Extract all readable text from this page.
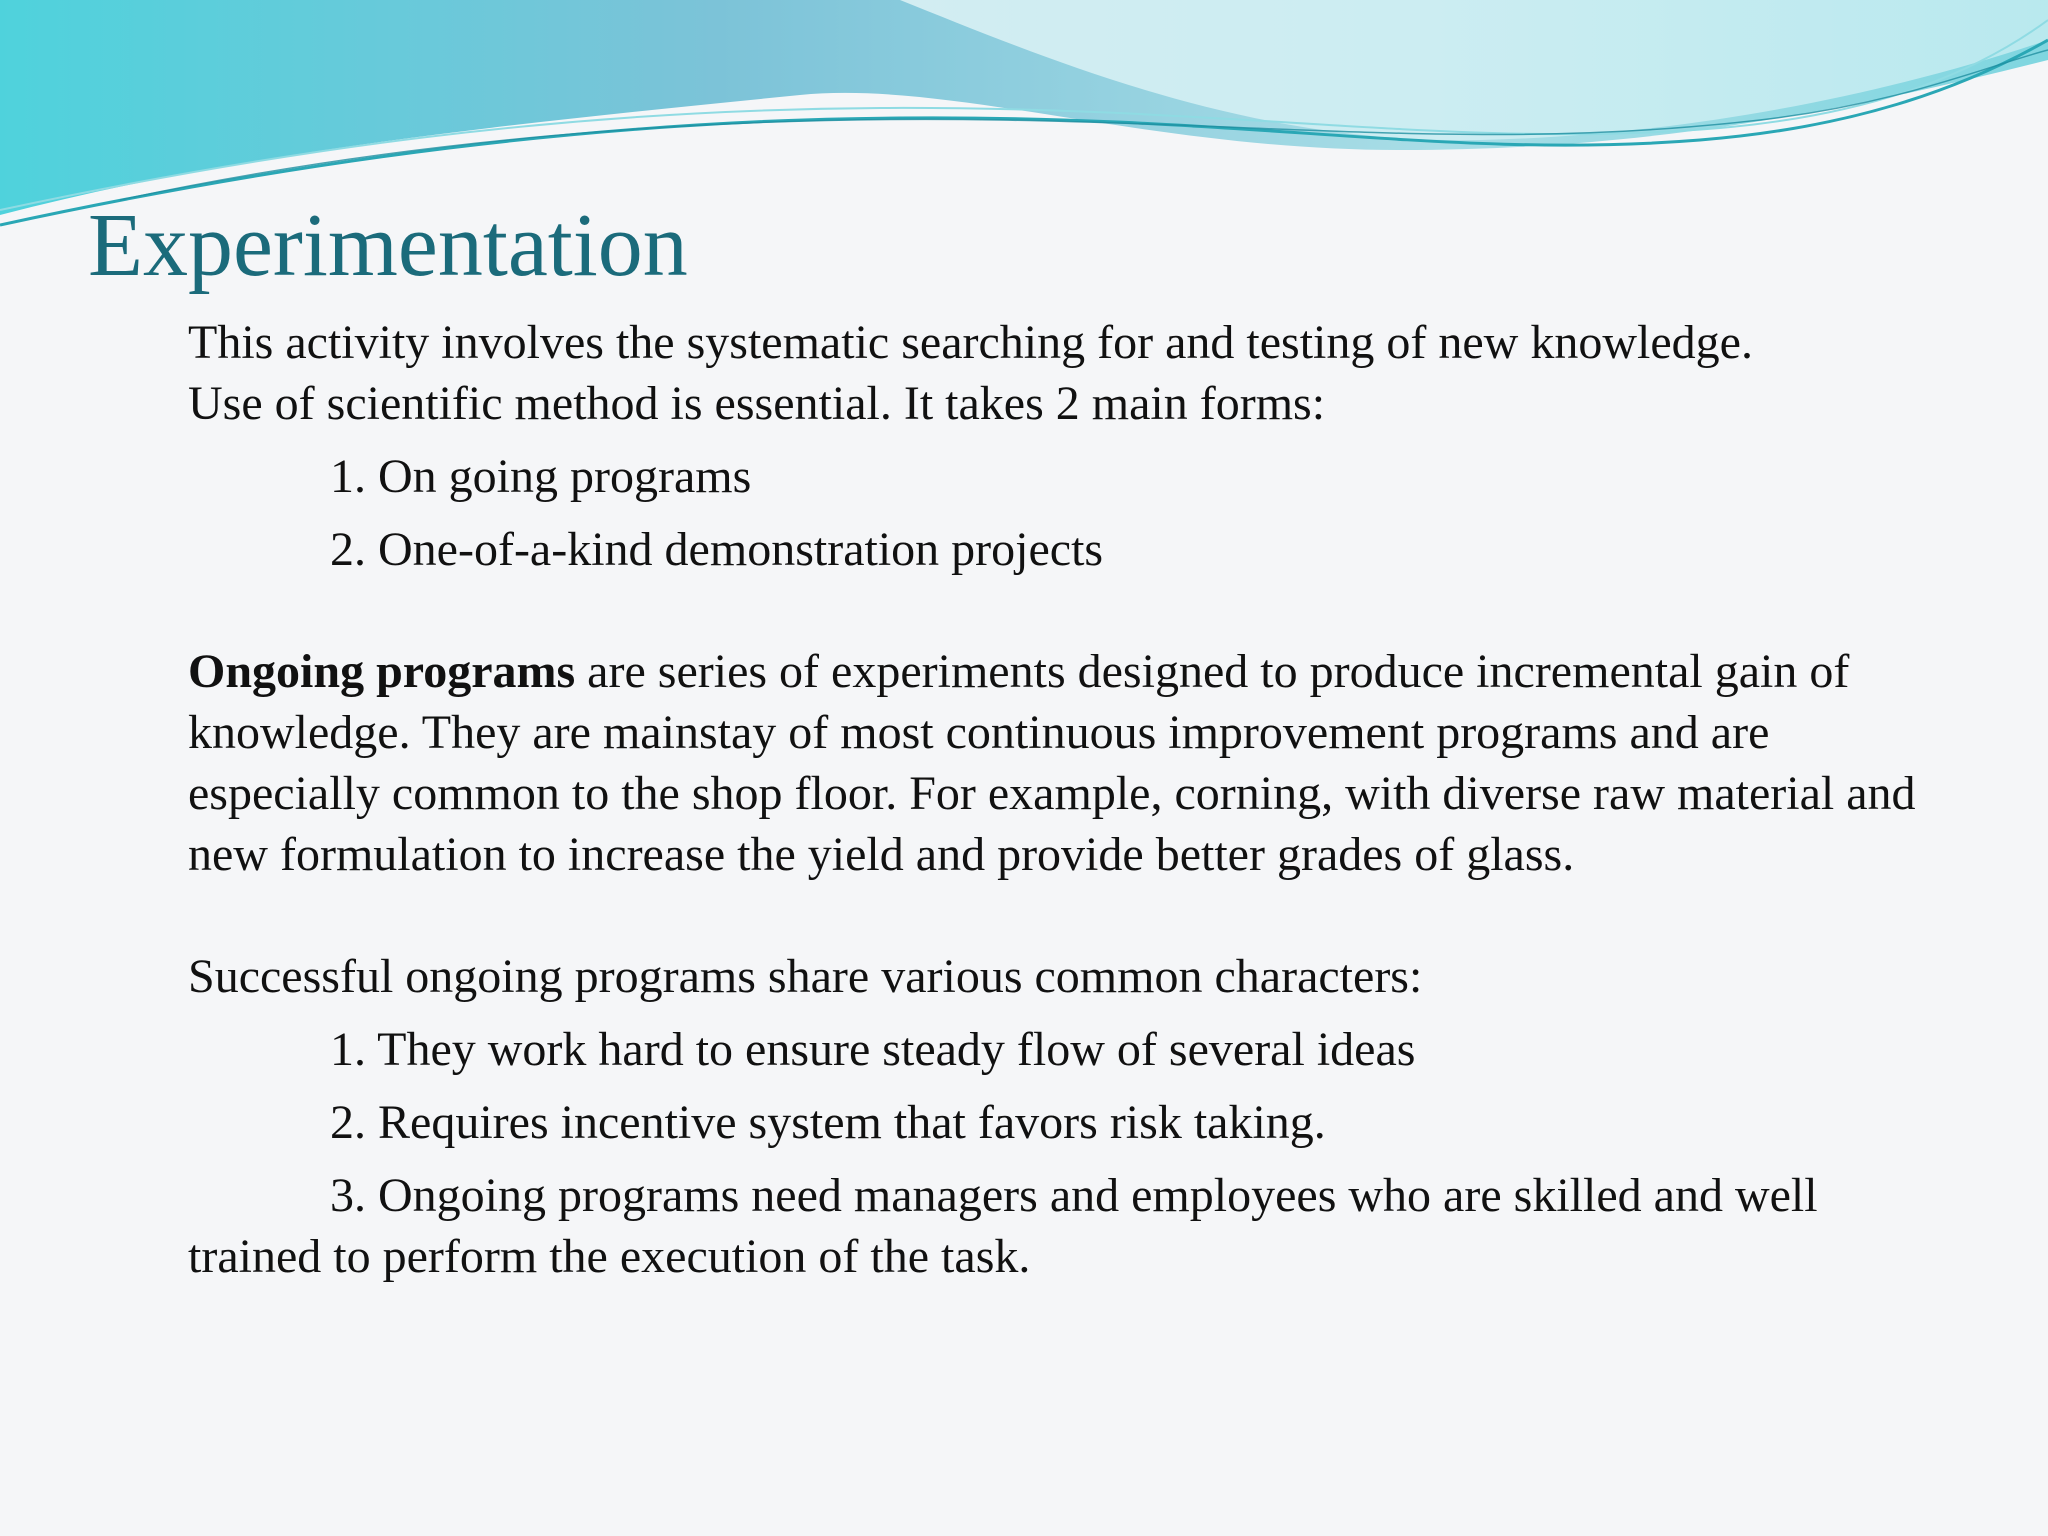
Experimentation

This activity involves the systematic searching for and testing of new knowledge.

Use of scientific method is essential. It takes 2 main forms:

1. On going programs

2. One-of-a-kind demonstration projects

Ongoing programs are series of experiments designed to produce incremental gain of knowledge. They are mainstay of most continuous improvement programs and are especially common to the shop floor. For example, corning, with diverse raw material and new formulation to increase the yield and provide better grades of glass.

Successful ongoing programs share various common characters:

1. They work hard to ensure steady flow of several ideas

2. Requires incentive system that favors risk taking.

3. Ongoing programs need managers and employees who are skilled and well trained to perform the execution of the task.
